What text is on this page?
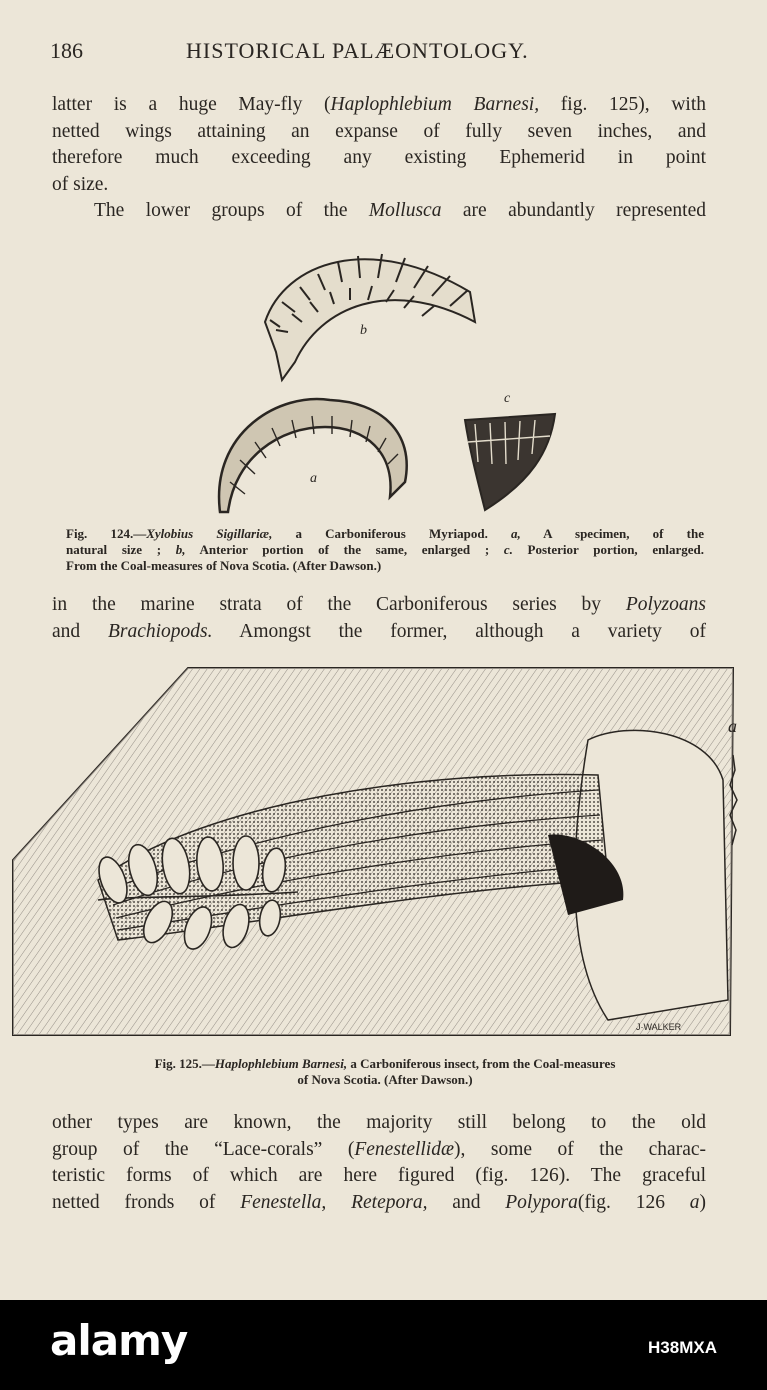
186	HISTORICAL PALÆONTOLOGY.
latter is a huge May-fly (Haplophlebium Barnesi, fig. 125), with
netted wings attaining an expanse of fully seven inches, and
therefore much exceeding any existing Ephemerid in point
of size.
The lower groups of the Mollusca are abundantly represented
b
a
c
Fig. 124.—Xylobius Sigillariæ, a Carboniferous Myriapod. a, A specimen, of the
natural size ; b, Anterior portion of the same, enlarged ; c. Posterior portion, enlarged.
From the Coal-measures of Nova Scotia. (After Dawson.)
in the marine strata of the Carboniferous series by Polyzoans
and Brachiopods. Amongst the former, although a variety of
a
J·WALKER
Fig. 125.—Haplophlebium Barnesi, a Carboniferous insect, from the Coal-measures
of Nova Scotia. (After Dawson.)
other types are known, the majority still belong to the old
group of the “Lace-corals” (Fenestellidæ), some of the charac-
teristic forms of which are here figured (fig. 126). The graceful
netted fronds of Fenestella, Retepora, and Polypora(fig. 126 a)
alamy	H38MXA
